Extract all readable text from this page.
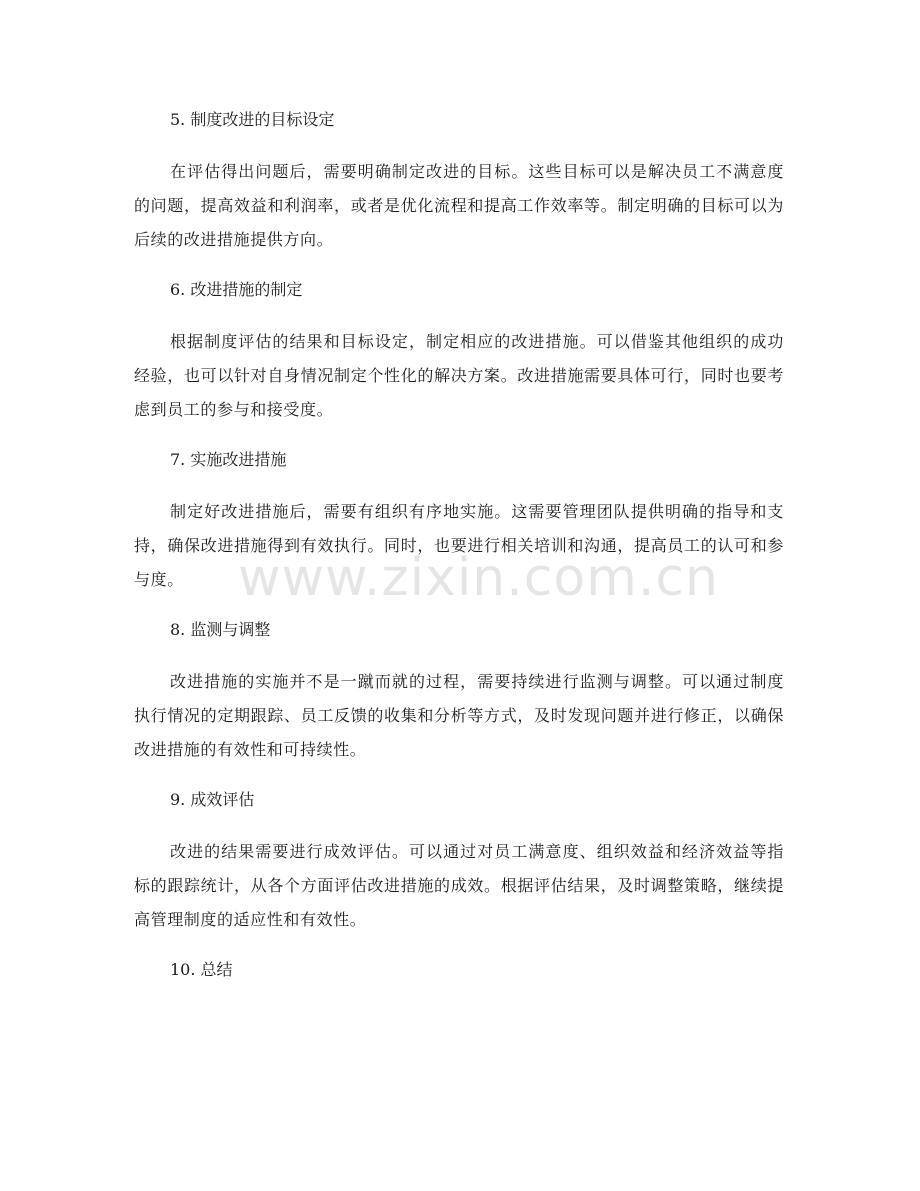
5. 制度改进的目标设定

在评估得出问题后，需要明确制定改进的目标。这些目标可以是解决员工不满意度的问题，提高效益和利润率，或者是优化流程和提高工作效率等。制定明确的目标可以为后续的改进措施提供方向。

6. 改进措施的制定

根据制度评估的结果和目标设定，制定相应的改进措施。可以借鉴其他组织的成功经验，也可以针对自身情况制定个性化的解决方案。改进措施需要具体可行，同时也要考虑到员工的参与和接受度。

7. 实施改进措施

制定好改进措施后，需要有组织有序地实施。这需要管理团队提供明确的指导和支持，确保改进措施得到有效执行。同时，也要进行相关培训和沟通，提高员工的认可和参与度。

8. 监测与调整

改进措施的实施并不是一蹴而就的过程，需要持续进行监测与调整。可以通过制度执行情况的定期跟踪、员工反馈的收集和分析等方式，及时发现问题并进行修正，以确保改进措施的有效性和可持续性。

9. 成效评估

改进的结果需要进行成效评估。可以通过对员工满意度、组织效益和经济效益等指标的跟踪统计，从各个方面评估改进措施的成效。根据评估结果，及时调整策略，继续提高管理制度的适应性和有效性。

10. 总结

www.zixin.com.cn
